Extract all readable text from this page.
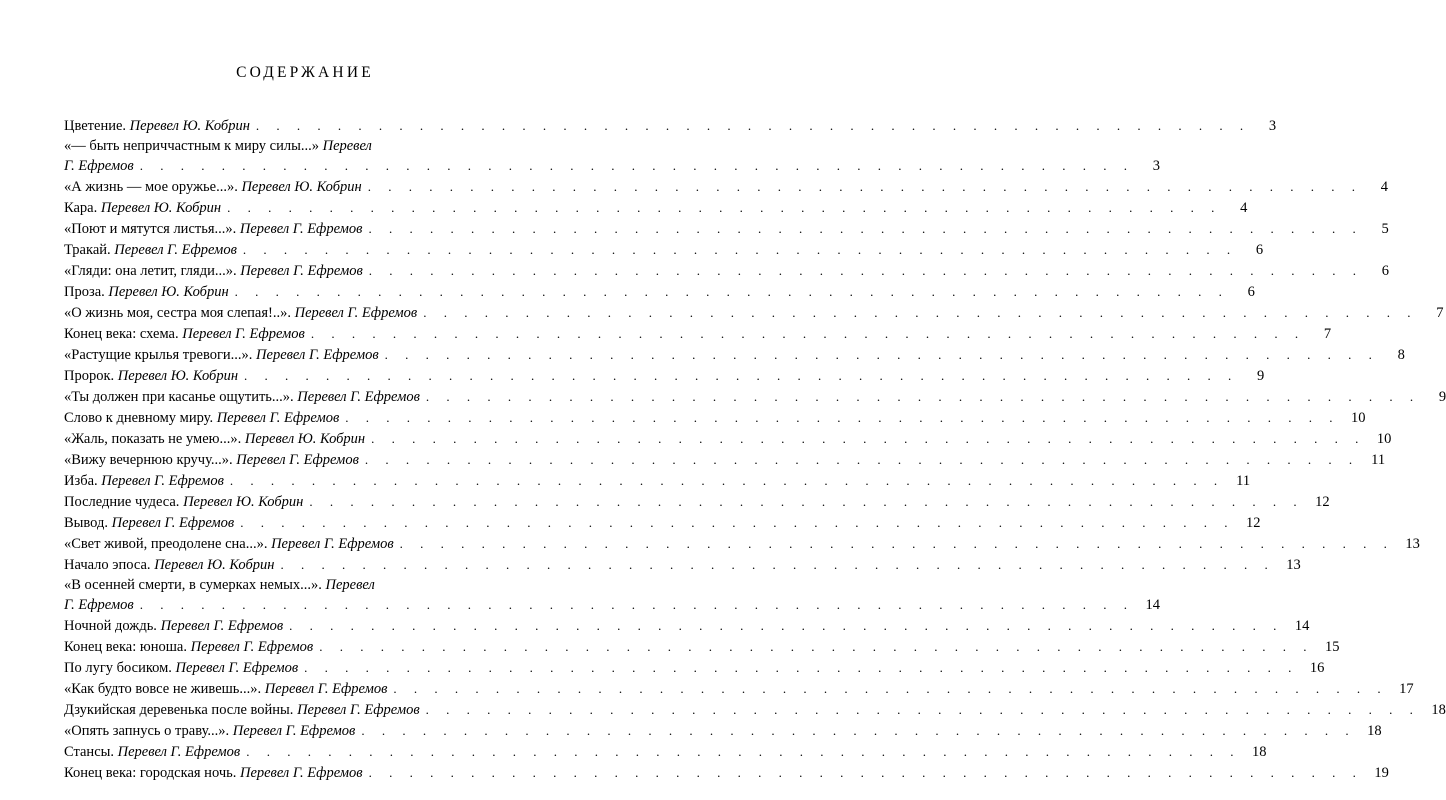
СОДЕРЖАНИЕ
Цветение. Перевел Ю. Кобрин . . . . . . . . . . . . . . . . . . . . . . . . . . . . . . . . . . . . . . . . . . . . . . . . .	3
«— быть неприччастным к миру силы...» Перевел
Г. Ефремов . . . . . . . . . . . . . . . . . . . . . . . . . . . . . . . . . . . . . . . . . . . . . . . . .	3
«А жизнь — мое оружье...». Перевел Ю. Кобрин . . . . . . . . . . . . . . . . . . . . . . . . . . . . . . . . . . . . . . . . . . . . . . . . .	4
Кара. Перевел Ю. Кобрин . . . . . . . . . . . . . . . . . . . . . . . . . . . . . . . . . . . . . . . . . . . . . . . . .	4
«Поют и мятутся листья...». Перевел Г. Ефремов . . . . . . . . . . . . . . . . . . . . . . . . . . . . . . . . . . . . . . . . . . . . . . . . .	5
Тракай. Перевел Г. Ефремов . . . . . . . . . . . . . . . . . . . . . . . . . . . . . . . . . . . . . . . . . . . . . . . . .	6
«Гляди: она летит, гляди...». Перевел Г. Ефремов . . . . . . . . . . . . . . . . . . . . . . . . . . . . . . . . . . . . . . . . . . . . . . . . .	6
Проза. Перевел Ю. Кобрин . . . . . . . . . . . . . . . . . . . . . . . . . . . . . . . . . . . . . . . . . . . . . . . . .	6
«О жизнь моя, сестра моя слепая!..». Перевел Г. Ефремов . . . . . . . . . . . . . . . . . . . . . . . . . . . . . . . . . . . . . . . . . . . . . . . . .	7
Конец века: схема. Перевел Г. Ефремов . . . . . . . . . . . . . . . . . . . . . . . . . . . . . . . . . . . . . . . . . . . . . . . . .	7
«Растущие крылья тревоги...». Перевел Г. Ефремов . . . . . . . . . . . . . . . . . . . . . . . . . . . . . . . . . . . . . . . . . . . . . . . . .	8
Пророк. Перевел Ю. Кобрин . . . . . . . . . . . . . . . . . . . . . . . . . . . . . . . . . . . . . . . . . . . . . . . . .	9
«Ты должен при касанье ощутить...». Перевел Г. Ефремов . . . . . . . . . . . . . . . . . . . . . . . . . . . . . . . . . . . . . . . . . . . . . . . . .	9
Слово к дневному миру. Перевел Г. Ефремов . . . . . . . . . . . . . . . . . . . . . . . . . . . . . . . . . . . . . . . . . . . . . . . . . 10
«Жаль, показать не умею...». Перевел Ю. Кобрин . . . . . . . . . . . . . . . . . . . . . . . . . . . . . . . . . . . . . . . . . . . . . . . . . 10
«Вижу вечернюю кручу...». Перевел Г. Ефремов . . . . . . . . . . . . . . . . . . . . . . . . . . . . . . . . . . . . . . . . . . . . . . . . . 11
Изба. Перевел Г. Ефремов . . . . . . . . . . . . . . . . . . . . . . . . . . . . . . . . . . . . . . . . . . . . . . . . . 11
Последние чудеса. Перевел Ю. Кобрин . . . . . . . . . . . . . . . . . . . . . . . . . . . . . . . . . . . . . . . . . . . . . . . . . 12
Вывод. Перевел Г. Ефремов . . . . . . . . . . . . . . . . . . . . . . . . . . . . . . . . . . . . . . . . . . . . . . . . . 12
«Свет живой, преодолене сна...». Перевел Г. Ефремов . . . . . . . . . . . . . . . . . . . . . . . . . . . . . . . . . . . . . . . . . . . . . . . . . 13
Начало эпоса. Перевел Ю. Кобрин . . . . . . . . . . . . . . . . . . . . . . . . . . . . . . . . . . . . . . . . . . . . . . . . . 13
«В осенней смерти, в сумерках немых...». Перевел
Г. Ефремов . . . . . . . . . . . . . . . . . . . . . . . . . . . . . . . . . . . . . . . . . . . . . . . . . 14
Ночной дождь. Перевел Г. Ефремов . . . . . . . . . . . . . . . . . . . . . . . . . . . . . . . . . . . . . . . . . . . . . . . . . 14
Конец века: юноша. Перевел Г. Ефремов . . . . . . . . . . . . . . . . . . . . . . . . . . . . . . . . . . . . . . . . . . . . . . . . . 15
По лугу босиком. Перевел Г. Ефремов . . . . . . . . . . . . . . . . . . . . . . . . . . . . . . . . . . . . . . . . . . . . . . . . . 16
«Как будто вовсе не живешь...». Перевел Г. Ефремов . . . . . . . . . . . . . . . . . . . . . . . . . . . . . . . . . . . . . . . . . . . . . . . . . 17
Дзукийская деревенька после войны. Перевел Г. Ефремов . . . . . . . . . . . . . . . . . . . . . . . . . . . . . . . . . . . . . . . . . . . . . . . . . 18
«Опять запнусь о траву...». Перевел Г. Ефремов . . . . . . . . . . . . . . . . . . . . . . . . . . . . . . . . . . . . . . . . . . . . . . . . . 18
Стансы. Перевел Г. Ефремов . . . . . . . . . . . . . . . . . . . . . . . . . . . . . . . . . . . . . . . . . . . . . . . . . 18
Конец века: городская ночь. Перевел Г. Ефремов . . . . . . . . . . . . . . . . . . . . . . . . . . . . . . . . . . . . . . . . . . . . . . . . . 19
